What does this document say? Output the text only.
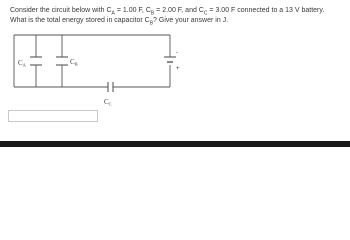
Consider the circuit below with $C_A = 1.00$ F, $C_B = 2.00$ F, and $C_C = 3.00$ F connected to a 13 V battery. What is the total energy stored in capacitor $C_B$? Give your answer in J.
$C_A$	$C_B$
$C_C$
-
+
